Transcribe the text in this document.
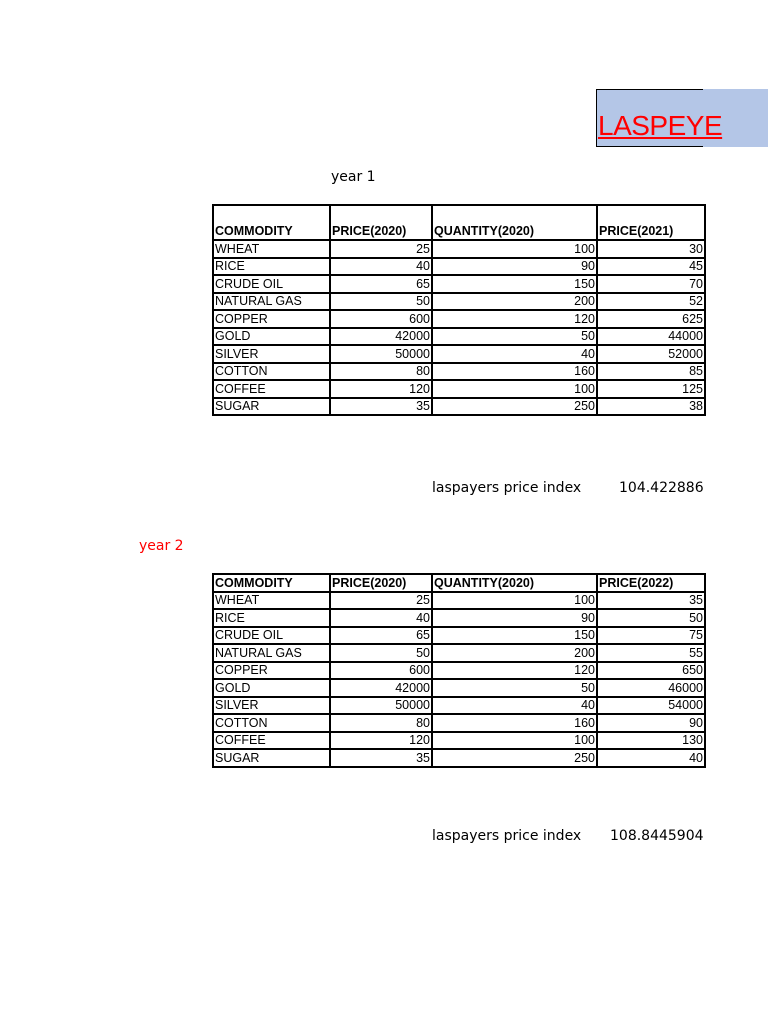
LASPEYE
year 1
COMMODITY	PRICE(2020)	QUANTITY(2020)	PRICE(2021)
WHEAT	25	100	30
RICE	40	90	45
CRUDE OIL	65	150	70
NATURAL GAS	50	200	52
COPPER	600	120	625
GOLD	42000	50	44000
SILVER	50000	40	52000
COTTON	80	160	85
COFFEE	120	100	125
SUGAR	35	250	38
laspayers price index	104.422886
year 2
COMMODITY	PRICE(2020)	QUANTITY(2020)	PRICE(2022)
WHEAT	25	100	35
RICE	40	90	50
CRUDE OIL	65	150	75
NATURAL GAS	50	200	55
COPPER	600	120	650
GOLD	42000	50	46000
SILVER	50000	40	54000
COTTON	80	160	90
COFFEE	120	100	130
SUGAR	35	250	40
laspayers price index 108.8445904
